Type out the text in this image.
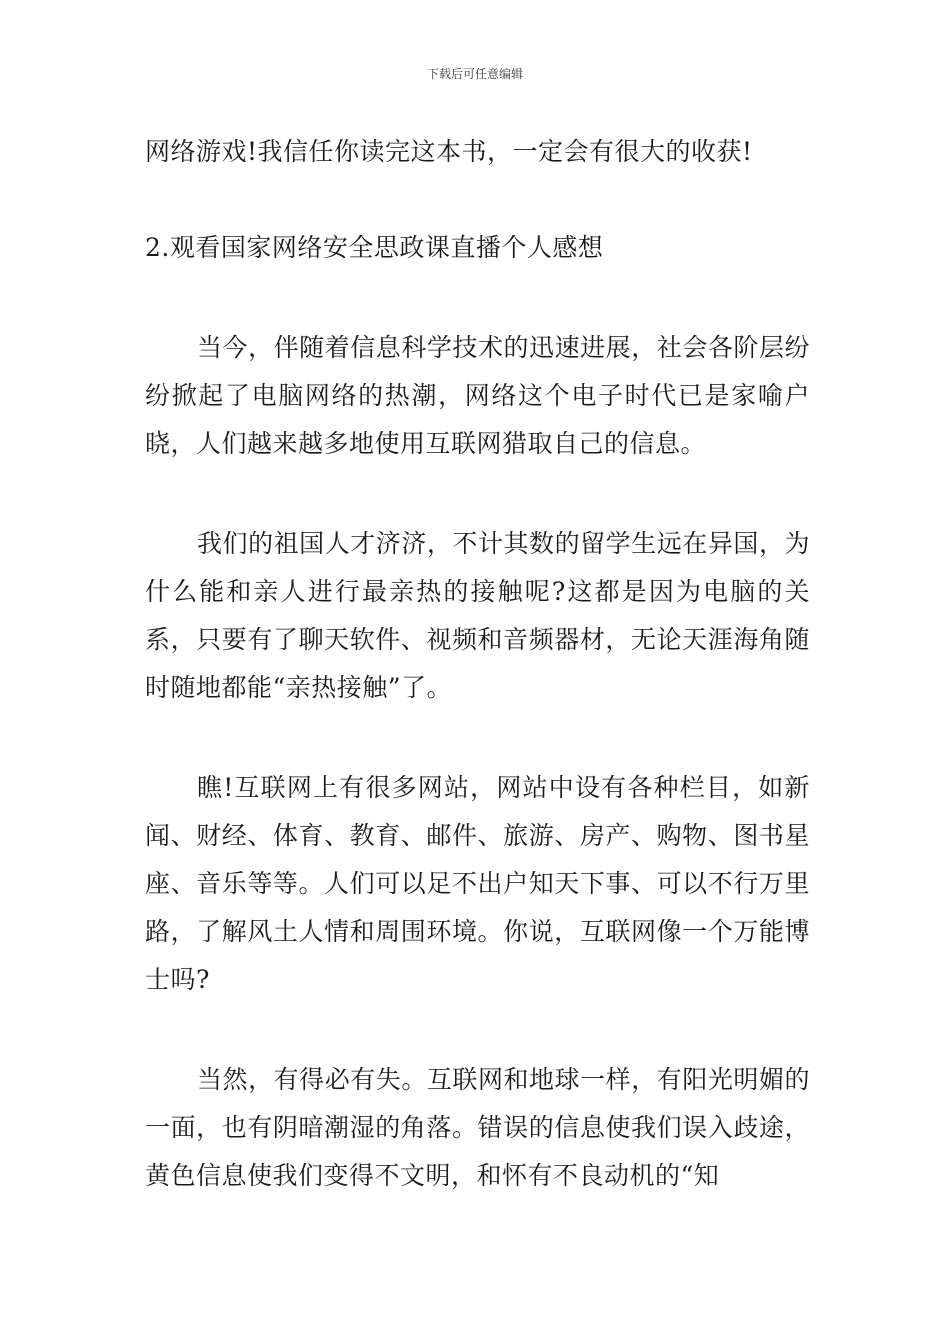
下载后可任意编辑

网络游戏!我信任你读完这本书，一定会有很大的收获!

2.观看国家网络安全思政课直播个人感想

当今，伴随着信息科学技术的迅速进展，社会各阶层纷纷掀起了电脑网络的热潮，网络这个电子时代已是家喻户晓，人们越来越多地使用互联网猎取自己的信息。

我们的祖国人才济济，不计其数的留学生远在异国，为什么能和亲人进行最亲热的接触呢?这都是因为电脑的关系，只要有了聊天软件、视频和音频器材，无论天涯海角随时随地都能“亲热接触”了。

瞧!互联网上有很多网站，网站中设有各种栏目，如新闻、财经、体育、教育、邮件、旅游、房产、购物、图书星座、音乐等等。人们可以足不出户知天下事、可以不行万里路，了解风土人情和周围环境。你说，互联网像一个万能博士吗?

当然，有得必有失。互联网和地球一样，有阳光明媚的一面，也有阴暗潮湿的角落。错误的信息使我们误入歧途，黄色信息使我们变得不文明，和怀有不良动机的“知
